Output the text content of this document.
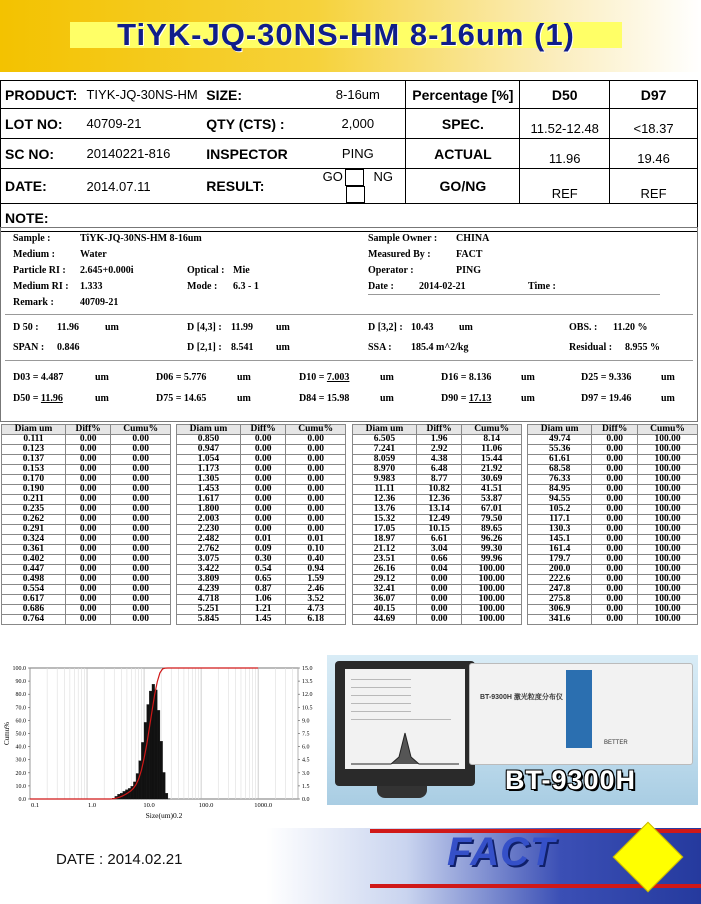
TiYK-JQ-30NS-HM 8-16um (1)
PRODUCT:	TIYK-JQ-30NS-HM	SIZE:	8-16um	Percentage [%]	D50	D97
LOT NO:	40709-21	QTY (CTS) :	2,000	SPEC.	11.52-12.48	<18.37
SC NO:	20140221-816	INSPECTOR	PING	ACTUAL	11.96	19.46
DATE:	2014.07.11	RESULT:	GO NG	GO/NG	REF	REF
NOTE:						
Sample :	TiYK-JQ-30NS-HM 8-16um	Sample Owner : CHINA
Medium :	Water	Measured By :	FACT
Particle RI : 2.645+0.000i	Optical : Mie	Operator :	PING
Medium RI : 1.333	Mode : 6.3 - 1	Date :	2014-02-21	Time :
Remark :	40709-21
D 50 : 11.96	um	D [4,3] : 11.99 um	D [3,2] : 10.43	um	OBS. : 11.20 %
SPAN : 0.846	D [2,1] : 8.541 um	SSA : 185.4 m^2/kg	Residual : 8.955 %
D03 = 4.487	um	D06 = 5.776	um	D10 = 7.003	um	D16 = 8.136	um	D25 = 9.336	um
D50 = 11.96	um	D75 = 14.65	um	D84 = 15.98	um	D90 = 17.13	um	D97 = 19.46	um
Diam um	Diff%	Cumu%
0.111	0.00	0.00
0.123	0.00	0.00
0.137	0.00	0.00
0.153	0.00	0.00
0.170	0.00	0.00
0.190	0.00	0.00
0.211	0.00	0.00
0.235	0.00	0.00
0.262	0.00	0.00
0.291	0.00	0.00
0.324	0.00	0.00
0.361	0.00	0.00
0.402	0.00	0.00
0.447	0.00	0.00
0.498	0.00	0.00
0.554	0.00	0.00
0.617	0.00	0.00
0.686	0.00	0.00
0.764	0.00	0.00
Diam um	Diff%	Cumu%
0.850	0.00	0.00
0.947	0.00	0.00
1.054	0.00	0.00
1.173	0.00	0.00
1.305	0.00	0.00
1.453	0.00	0.00
1.617	0.00	0.00
1.800	0.00	0.00
2.003	0.00	0.00
2.230	0.00	0.00
2.482	0.01	0.01
2.762	0.09	0.10
3.075	0.30	0.40
3.422	0.54	0.94
3.809	0.65	1.59
4.239	0.87	2.46
4.718	1.06	3.52
5.251	1.21	4.73
5.845	1.45	6.18
Diam um	Diff%	Cumu%
6.505	1.96	8.14
7.241	2.92	11.06
8.059	4.38	15.44
8.970	6.48	21.92
9.983	8.77	30.69
11.11	10.82	41.51
12.36	12.36	53.87
13.76	13.14	67.01
15.32	12.49	79.50
17.05	10.15	89.65
18.97	6.61	96.26
21.12	3.04	99.30
23.51	0.66	99.96
26.16	0.04	100.00
29.12	0.00	100.00
32.41	0.00	100.00
36.07	0.00	100.00
40.15	0.00	100.00
44.69	0.00	100.00
Diam um	Diff%	Cumu%
49.74	0.00	100.00
55.36	0.00	100.00
61.61	0.00	100.00
68.58	0.00	100.00
76.33	0.00	100.00
84.95	0.00	100.00
94.55	0.00	100.00
105.2	0.00	100.00
117.1	0.00	100.00
130.3	0.00	100.00
145.1	0.00	100.00
161.4	0.00	100.00
179.7	0.00	100.00
200.0	0.00	100.00
222.6	0.00	100.00
247.8	0.00	100.00
275.8	0.00	100.00
306.9	0.00	100.00
341.6	0.00	100.00
0.0
10.0
20.0
30.0
40.0
50.0
60.0
70.0
80.0
90.0
100.0
0.0
1.5
3.0
4.5
6.0
7.5
9.0
10.5
12.0
13.5
15.0
0.1	1.0	10.0	100.0	1000.0
Size(um)0.2
Cumu%
BT-9300H 激光粒度分布仪
BETTER
BT-9300H
DATE : 2014.02.21	FACT
